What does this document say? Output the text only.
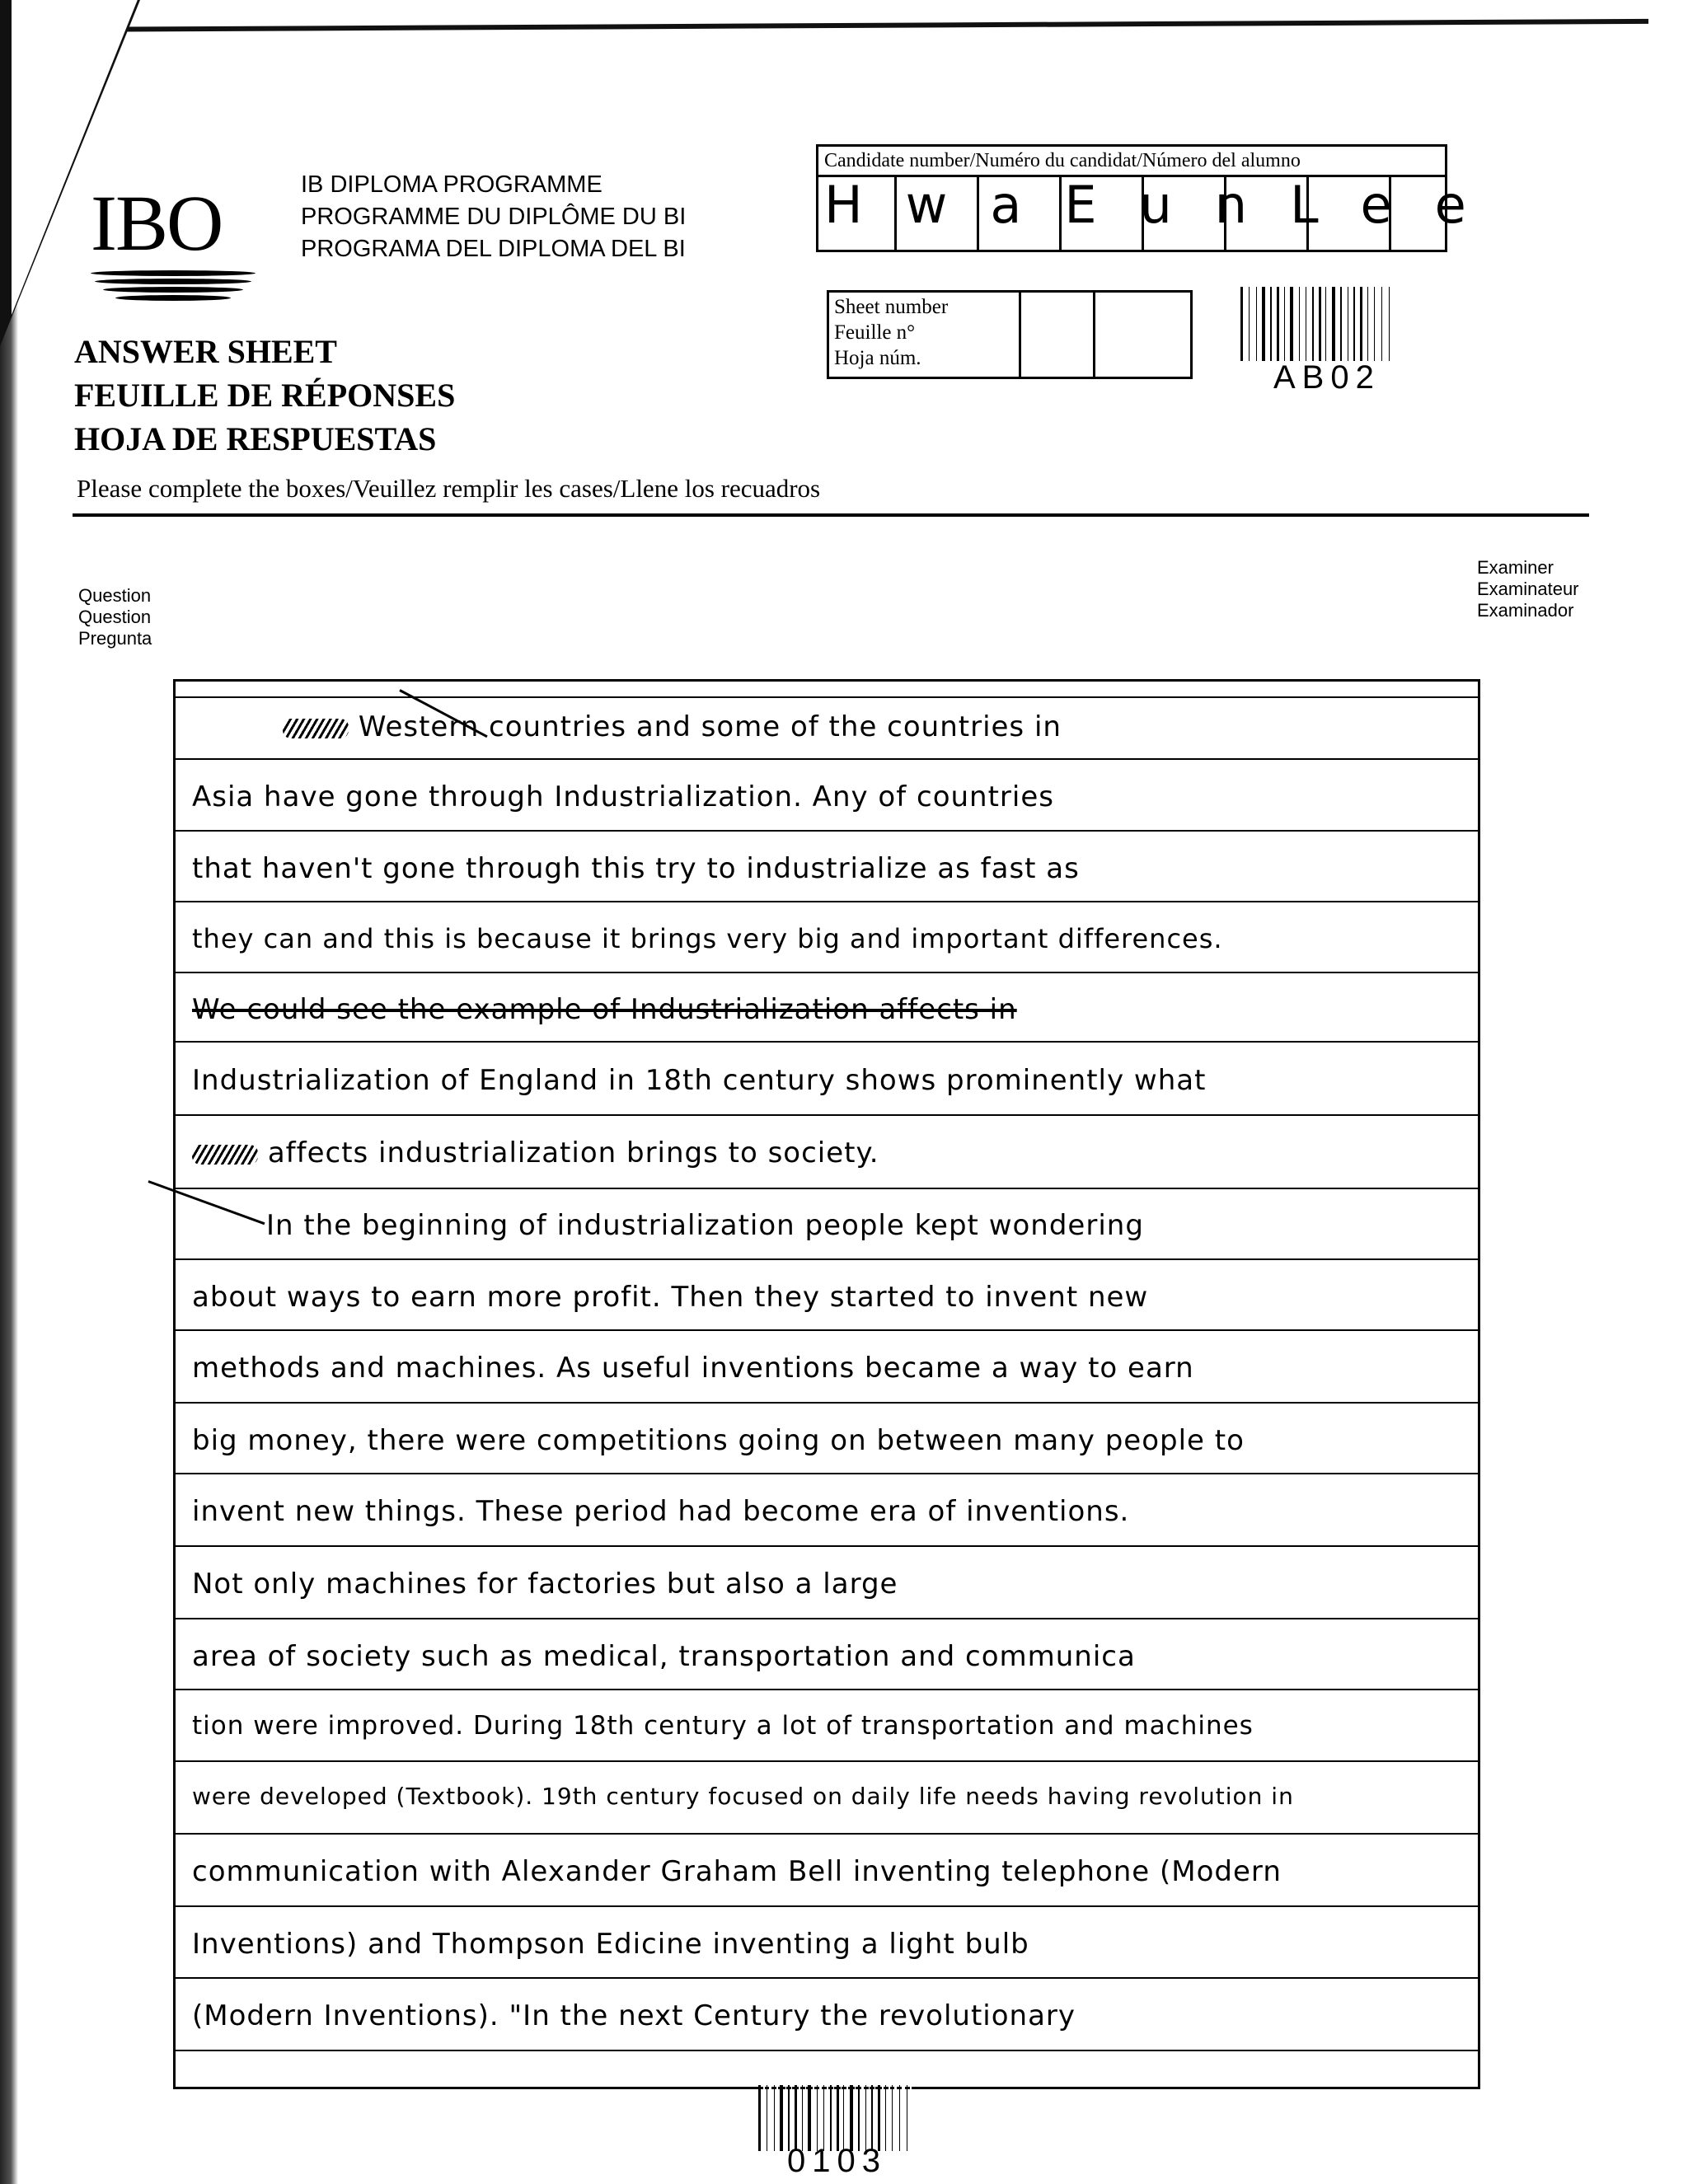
IBO	IB DIPLOMA PROGRAMME
PROGRAMME DU DIPLÔME DU BI
PROGRAMA DEL DIPLOMA DEL BI
ANSWER SHEET
FEUILLE DE RÉPONSES
HOJA DE RESPUESTAS
Please complete the boxes/Veuillez remplir les cases/Llene los recuadros
Candidate number/Numéro du candidat/Número del alumno
HwaEunLee
Sheet number
Feuille n°
Hoja núm.
AB02
Question
Question
Pregunta
Examiner
Examinateur
Examinador
Western countries and some of the countries in
Asia have gone through Industrialization. Any of countries
that haven't gone through this try to industrialize as fast as
they can and this is because it brings very big and important differences.
We could see the example of Industrialization affects in
Industrialization of England in 18th century shows prominently what
affects industrialization brings to society.
In the beginning of industrialization people kept wondering
about ways to earn more profit. Then they started to invent new
methods and machines. As useful inventions became a way to earn
big money, there were competitions going on between many people to
invent new things. These period had become era of inventions.
Not only machines for factories but also a large
area of society such as medical, transportation and communica
tion were improved. During 18th century a lot of transportation and machines
were developed (Textbook). 19th century focused on daily life needs having revolution in
communication with Alexander Graham Bell inventing telephone (Modern
Inventions) and Thompson Edicine inventing a light bulb
(Modern Inventions). "In the next Century the revolutionary
0103
